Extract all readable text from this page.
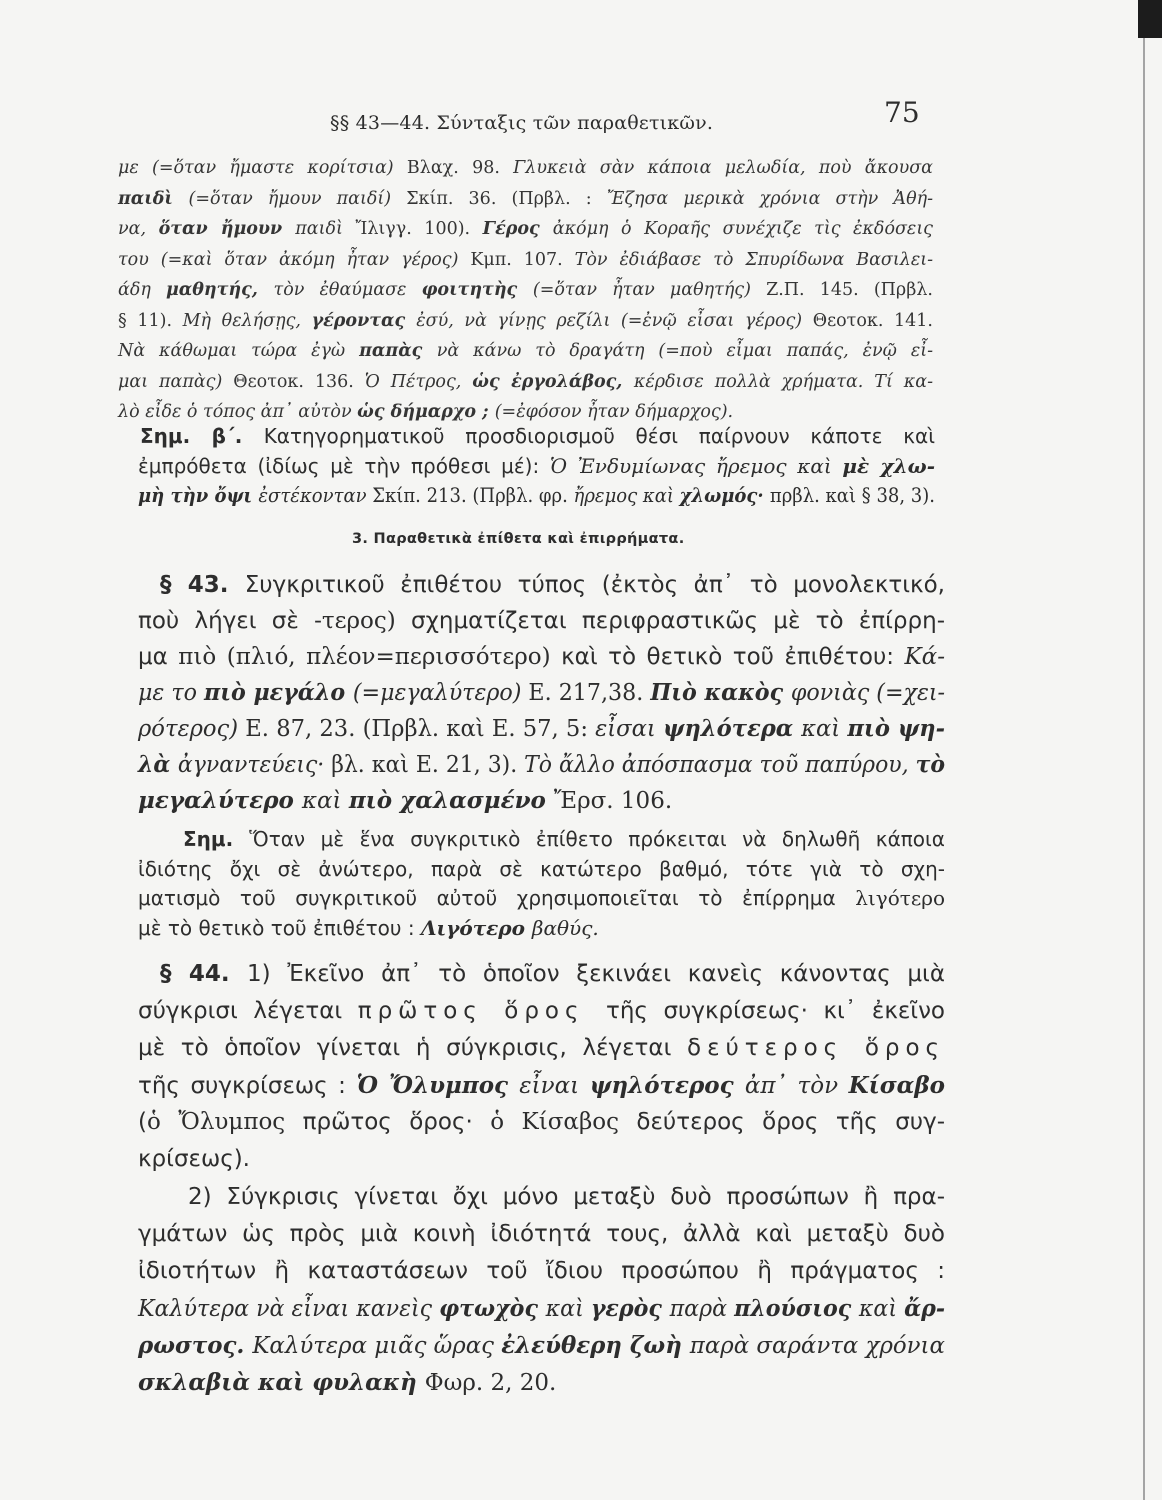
§§ 43—44. Σύνταξις τῶν παραθετικῶν.	75
με (=ὅταν ἤμαστε κορίτσια) Βλαχ. 98. Γλυκειὰ σὰν κάποια μελωδία, ποὺ ἄκουσα
παιδὶ (=ὅταν ἤμουν παιδί) Σκίπ. 36. (Πρβλ. : Ἔζησα μερικὰ χρόνια στὴν Ἀθή-
να, ὅταν ἤμουν παιδὶ Ἴλιγγ. 100). Γέρος ἀκόμη ὁ Κοραῆς συνέχιζε τὶς ἐκδόσεις
του (=καὶ ὅταν ἀκόμη ἦταν γέρος) Κμπ. 107. Τὸν ἐδιάβασε τὸ Σπυρίδωνα Βασιλει-
άδη μαθητής, τὸν ἐθαύμασε φοιτητὴς (=ὅταν ἦταν μαθητής) Ζ.Π. 145. (Πρβλ.
§ 11). Μὴ θελήσῃς, γέροντας ἐσύ, νὰ γίνῃς ρεζίλι (=ἐνῷ εἶσαι γέρος) Θεοτοκ. 141.
Νὰ κάθωμαι τώρα ἐγὼ παπὰς νὰ κάνω τὸ δραγάτη (=ποὺ εἶμαι παπάς, ἐνῷ εἶ-
μαι παπὰς) Θεοτοκ. 136. Ὁ Πέτρος, ὡς ἐργολάβος, κέρδισε πολλὰ χρήματα. Τί κα-
λὸ εἶδε ὁ τόπος ἀπ᾿ αὐτὸν ὡς δήμαρχο ; (=ἐφόσον ἦταν δήμαρχος).
Σημ. β΄. Κατηγορηματικοῦ προσδιορισμοῦ θέσι παίρνουν κάποτε καὶ
ἐμπρόθετα (ἰδίως μὲ τὴν πρόθεσι μέ): Ὁ Ἐνδυμίωνας ἤρεμος καὶ μὲ χλω-
μὴ τὴν ὄψι ἐστέκονταν Σκίπ. 213. (Πρβλ. φρ. ἤρεμος καὶ χλωμός· πρβλ. καὶ § 38, 3).
3. Παραθετικὰ ἐπίθετα καὶ ἐπιρρήματα.
§ 43. Συγκριτικοῦ ἐπιθέτου τύπος (ἐκτὸς ἀπ᾿ τὸ μονολεκτικό,
ποὺ λήγει σὲ -τερος) σχηματίζεται περιφραστικῶς μὲ τὸ ἐπίρρη-
μα πιὸ (πλιό, πλέον=περισσότερο) καὶ τὸ θετικὸ τοῦ ἐπιθέτου: Κά-
με το πιὸ μεγάλο (=μεγαλύτερο) Ε. 217,38. Πιὸ κακὸς φονιὰς (=χει-
ρότερος) Ε. 87, 23. (Πρβλ. καὶ Ε. 57, 5: εἶσαι ψηλότερα καὶ πιὸ ψη-
λὰ ἀγναντεύεις· βλ. καὶ Ε. 21, 3). Τὸ ἄλλο ἀπόσπασμα τοῦ παπύρου, τὸ
μεγαλύτερο καὶ πιὸ χαλασμένο Ἔρσ. 106.
Σημ. Ὅταν μὲ ἕνα συγκριτικὸ ἐπίθετο πρόκειται νὰ δηλωθῆ κάποια
ἰδιότης ὄχι σὲ ἀνώτερο, παρὰ σὲ κατώτερο βαθμό, τότε γιὰ τὸ σχη-
ματισμὸ τοῦ συγκριτικοῦ αὐτοῦ χρησιμοποιεῖται τὸ ἐπίρρημα λιγότερο
μὲ τὸ θετικὸ τοῦ ἐπιθέτου : Λιγότερο βαθύς.
§ 44. 1) Ἐκεῖνο ἀπ᾿ τὸ ὁποῖον ξεκινάει κανεὶς κάνοντας μιὰ
σύγκρισι λέγεται πρῶτος ὅρος τῆς συγκρίσεως· κι᾿ ἐκεῖνο
μὲ τὸ ὁποῖον γίνεται ἡ σύγκρισις, λέγεται δεύτερος ὅρος
τῆς συγκρίσεως : Ὁ Ὄλυμπος εἶναι ψηλότερος ἀπ᾿ τὸν Κίσαβο
(ὁ Ὄλυμπος πρῶτος ὅρος· ὁ Κίσαβος δεύτερος ὅρος τῆς συγ-
κρίσεως).
2) Σύγκρισις γίνεται ὄχι μόνο μεταξὺ δυὸ προσώπων ἢ πρα-
γμάτων ὡς πρὸς μιὰ κοινὴ ἰδιότητά τους, ἀλλὰ καὶ μεταξὺ δυὸ
ἰδιοτήτων ἢ καταστάσεων τοῦ ἴδιου προσώπου ἢ πράγματος :
Καλύτερα νὰ εἶναι κανεὶς φτωχὸς καὶ γερὸς παρὰ πλούσιος καὶ ἄρ-
ρωστος. Καλύτερα μιᾶς ὥρας ἐλεύθερη ζωὴ παρὰ σαράντα χρόνια
σκλαβιὰ καὶ φυλακὴ Φωρ. 2, 20.
